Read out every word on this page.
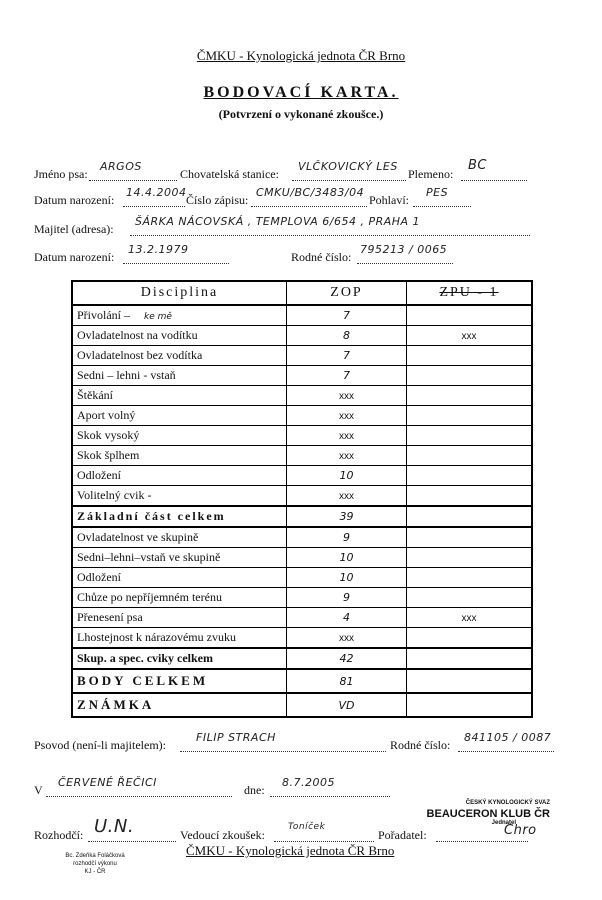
ČMKU - Kynologická jednota ČR Brno
BODOVACÍ KARTA.
(Potvrzení o vykonané zkoušce.)
Jméno psa:
ARGOS
Chovatelská stanice:
VLČKOVICKÝ LES
Plemeno:
BC
Datum narození:
14.4.2004
Číslo zápisu:
CMKU/BC/3483/04
Pohlaví:
PES
Majitel (adresa):
ŠÁRKA NÁCOVSKÁ , TEMPLOVA 6/654 , PRAHA 1
Datum narození:
13.2.1979
Rodné číslo:
795213 / 0065
Disciplina	ZOP	ZPU - 1
Přivolání – ke mě	7	
Ovladatelnost na vodítku	8	xxx
Ovladatelnost bez vodítka	7	
Sedni – lehni - vstaň	7	
Štěkání	xxx	
Aport volný	xxx	
Skok vysoký	xxx	
Skok šplhem	xxx	
Odložení	10	
Volitelný cvik -	xxx	
Základní část celkem	39	
Ovladatelnost ve skupině	9	
Sedni–lehni–vstaň ve skupině	10	
Odložení	10	
Chůze po nepříjemném terénu	9	
Přenesení psa	4	xxx
Lhostejnost k nárazovému zvuku	xxx	
Skup. a spec. cviky celkem	42	
BODY CELKEM	81	
ZNÁMKA	VD	
Psovod (není-li majitelem):
FILIP STRACH
Rodné číslo:
841105 / 0087
V
ČERVENÉ ŘEČICI
dne:
8.7.2005
Rozhodčí: U.N.	Vedoucí zkoušek:
Toníček
Pořadatel:	Chro
Bc. Zdeňka Foláčková
rozhodčí výkonu
KJ - ČR
ČMKU - Kynologická jednota ČR Brno
ČESKÝ KYNOLOGICKÝ SVAZ
BEAUCERON KLUB ČR
Jednatel
